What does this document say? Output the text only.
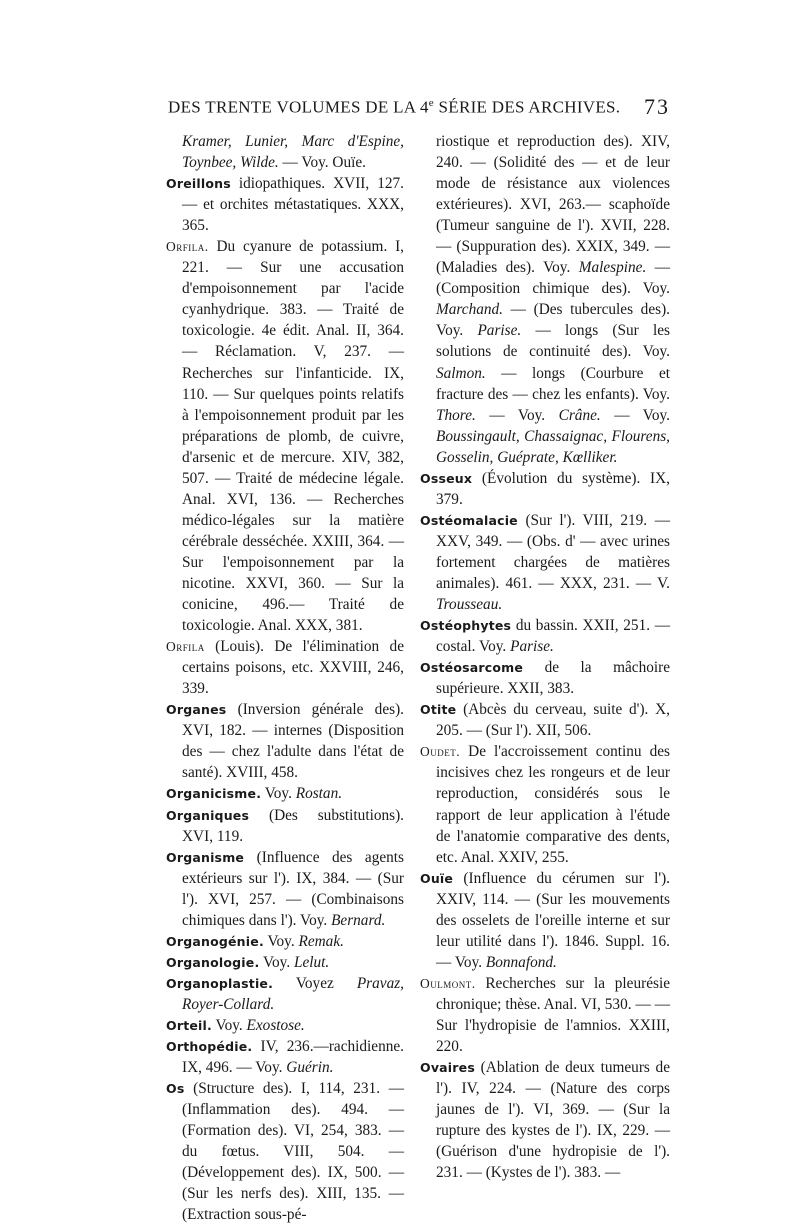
DES TRENTE VOLUMES DE LA 4e SÉRIE DES ARCHIVES. 73

Kramer, Lunier, Marc d'Espine, Toynbee, Wilde. — Voy. Ouïe.

Oreillons idiopathiques. XVII, 127. — et orchites métastatiques. XXX, 365.

Orfila. Du cyanure de potassium. I, 221. — Sur une accusation d'empoisonnement par l'acide cyanhydrique. 383. — Traité de toxicologie. 4e édit. Anal. II, 364. — Réclamation. V, 237. — Recherches sur l'infanticide. IX, 110. — Sur quelques points relatifs à l'empoisonnement produit par les préparations de plomb, de cuivre, d'arsenic et de mercure. XIV, 382, 507. — Traité de médecine légale. Anal. XVI, 136. — Recherches médico-légales sur la matière cérébrale desséchée. XXIII, 364. — Sur l'empoisonnement par la nicotine. XXVI, 360. — Sur la conicine, 496.— Traité de toxicologie. Anal. XXX, 381.

Orfila (Louis). De l'élimination de certains poisons, etc. XXVIII, 246, 339.

Organes (Inversion générale des). XVI, 182. — internes (Disposition des — chez l'adulte dans l'état de santé). XVIII, 458.

Organicisme. Voy. Rostan.

Organiques (Des substitutions). XVI, 119.

Organisme (Influence des agents extérieurs sur l'). IX, 384. — (Sur l'). XVI, 257. — (Combinaisons chimiques dans l'). Voy. Bernard.

Organogénie. Voy. Remak.

Organologie. Voy. Lelut.

Organoplastie. Voyez Pravaz, Royer-Collard.

Orteil. Voy. Exostose.

Orthopédie. IV, 236.—rachidienne. IX, 496. — Voy. Guérin.

Os (Structure des). I, 114, 231. — (Inflammation des). 494. — (Formation des). VI, 254, 383. — du fœtus. VIII, 504. — (Développement des). IX, 500. — (Sur les nerfs des). XIII, 135. — (Extraction sous-pé-

riostique et reproduction des). XIV, 240. — (Solidité des — et de leur mode de résistance aux violences extérieures). XVI, 263.— scaphoïde (Tumeur sanguine de l'). XVII, 228. — (Suppuration des). XXIX, 349. — (Maladies des). Voy. Malespine. — (Composition chimique des). Voy. Marchand. — (Des tubercules des). Voy. Parise. — longs (Sur les solutions de continuité des). Voy. Salmon. — longs (Courbure et fracture des — chez les enfants). Voy. Thore. — Voy. Crâne. — Voy. Boussingault, Chassaignac, Flourens, Gosselin, Guéprate, Kœlliker.

Osseux (Évolution du système). IX, 379.

Ostéomalacie (Sur l'). VIII, 219. — XXV, 349. — (Obs. d' — avec urines fortement chargées de matières animales). 461. — XXX, 231. — V. Trousseau.

Ostéophytes du bassin. XXII, 251. — costal. Voy. Parise.

Ostéosarcome de la mâchoire supérieure. XXII, 383.

Otite (Abcès du cerveau, suite d'). X, 205. — (Sur l'). XII, 506.

Oudet. De l'accroissement continu des incisives chez les rongeurs et de leur reproduction, considérés sous le rapport de leur application à l'étude de l'anatomie comparative des dents, etc. Anal. XXIV, 255.

Ouïe (Influence du cérumen sur l'). XXIV, 114. — (Sur les mouvements des osselets de l'oreille interne et sur leur utilité dans l'). 1846. Suppl. 16. — Voy. Bonnafond.

Oulmont. Recherches sur la pleurésie chronique; thèse. Anal. VI, 530. — — Sur l'hydropisie de l'amnios. XXIII, 220.

Ovaires (Ablation de deux tumeurs de l'). IV, 224. — (Nature des corps jaunes de l'). VI, 369. — (Sur la rupture des kystes de l'). IX, 229. — (Guérison d'une hydropisie de l'). 231. — (Kystes de l'). 383. —
